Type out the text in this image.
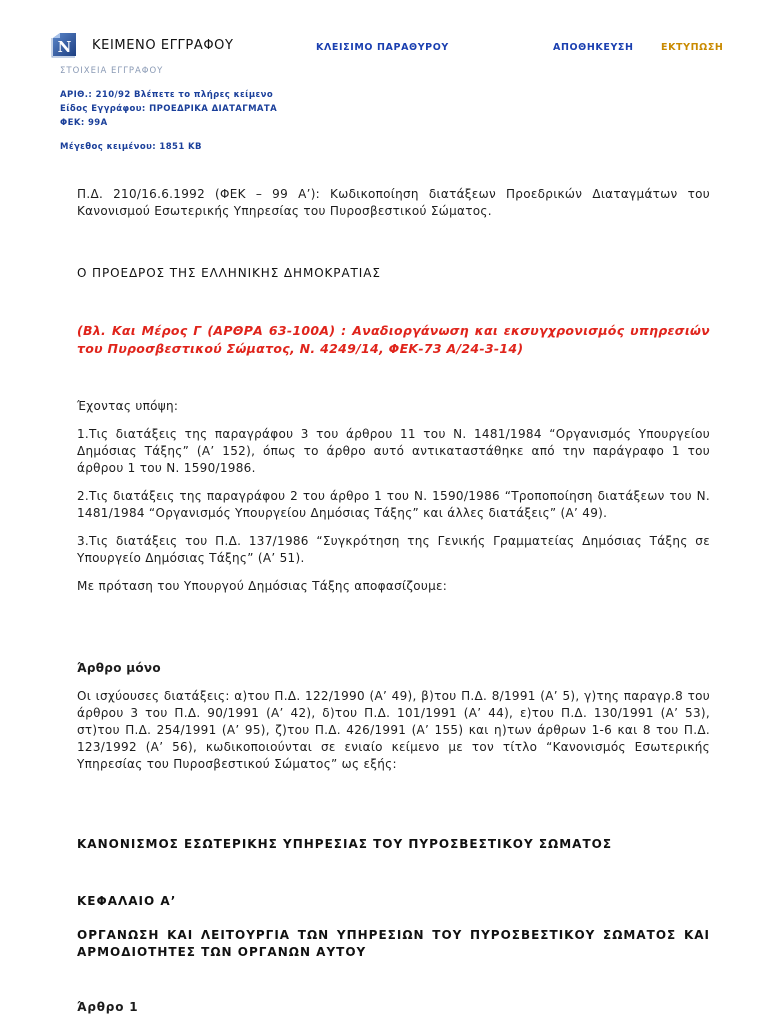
N ΚΕΙΜΕΝΟ ΕΓΓΡΑΦΟΥ	ΚΛΕΙΣΙΜΟ ΠΑΡΑΘΥΡΟΥ	ΑΠΟΘΗΚΕΥΣΗ	ΕΚΤΥΠΩΣΗ
ΣΤΟΙΧΕΙΑ ΕΓΓΡΑΦΟΥ
ΑΡΙΘ.: 210/92 Βλέπετε το πλήρες κείμενο
Είδος Εγγράφου: ΠΡΟΕΔΡΙΚΑ ΔΙΑΤΑΓΜΑΤΑ
ΦΕΚ: 99Α
Μέγεθος κειμένου: 1851 KB

Π.Δ. 210/16.6.1992 (ΦΕΚ – 99 Α’): Κωδικοποίηση διατάξεων Προεδρικών Διαταγμάτων του Κανονισμού Εσωτερικής Υπηρεσίας του Πυροσβεστικού Σώματος.

Ο ΠΡΟΕΔΡΟΣ ΤΗΣ ΕΛΛΗΝΙΚΗΣ ΔΗΜΟΚΡΑΤΙΑΣ

(Βλ. Και Μέρος Γ (ΑΡΘΡΑ 63-100Α) : Αναδιοργάνωση και εκσυγχρονισμός υπηρεσιών του Πυροσβεστικού Σώματος, Ν. 4249/14, ΦΕΚ-73 Α/24-3-14)

Έχοντας υπόψη:

1.Τις διατάξεις της παραγράφου 3 του άρθρου 11 του Ν. 1481/1984 “Οργανισμός Υπουργείου Δημόσιας Τάξης” (Α’ 152), όπως το άρθρο αυτό αντικαταστάθηκε από την παράγραφο 1 του άρθρου 1 του Ν. 1590/1986.

2.Τις διατάξεις της παραγράφου 2 του άρθρο 1 του Ν. 1590/1986 “Τροποποίηση διατάξεων του Ν. 1481/1984 “Οργανισμός Υπουργείου Δημόσιας Τάξης” και άλλες διατάξεις” (Α’ 49).

3.Τις διατάξεις του Π.Δ. 137/1986 “Συγκρότηση της Γενικής Γραμματείας Δημόσιας Τάξης σε Υπουργείο Δημόσιας Τάξης” (Α’ 51).

Με πρόταση του Υπουργού Δημόσιας Τάξης αποφασίζουμε:

Άρθρο μόνο

Οι ισχύουσες διατάξεις: α)του Π.Δ. 122/1990 (Α’ 49), β)του Π.Δ. 8/1991 (Α’ 5), γ)της παραγρ.8 του άρθρου 3 του Π.Δ. 90/1991 (Α’ 42), δ)του Π.Δ. 101/1991 (Α’ 44), ε)του Π.Δ. 130/1991 (Α’ 53), στ)του Π.Δ. 254/1991 (Α’ 95), ζ)του Π.Δ. 426/1991 (Α’ 155) και η)των άρθρων 1-6 και 8 του Π.Δ. 123/1992 (Α’ 56), κωδικοποιούνται σε ενιαίο κείμενο με τον τίτλο “Κανονισμός Εσωτερικής Υπηρεσίας του Πυροσβεστικού Σώματος” ως εξής:

ΚΑΝΟΝΙΣΜΟΣ ΕΣΩΤΕΡΙΚΗΣ ΥΠΗΡΕΣΙΑΣ ΤΟΥ ΠΥΡΟΣΒΕΣΤΙΚΟΥ ΣΩΜΑΤΟΣ

ΚΕΦΑΛΑΙΟ Α’

ΟΡΓΑΝΩΣΗ ΚΑΙ ΛΕΙΤΟΥΡΓΙΑ ΤΩΝ ΥΠΗΡΕΣΙΩΝ ΤΟΥ ΠΥΡΟΣΒΕΣΤΙΚΟΥ ΣΩΜΑΤΟΣ ΚΑΙ ΑΡΜΟΔΙΟΤΗΤΕΣ ΤΩΝ ΟΡΓΑΝΩΝ ΑΥΤΟΥ

Άρθρο 1
